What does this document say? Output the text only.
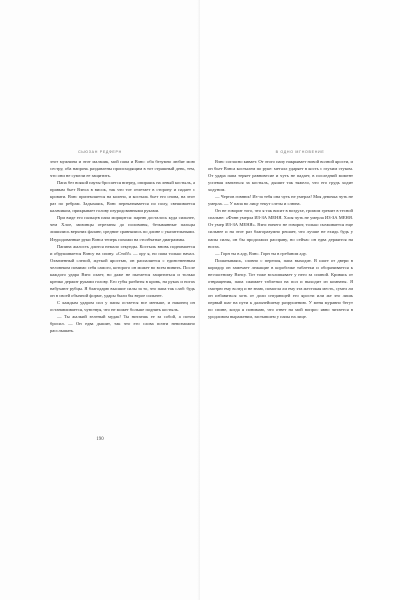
СЬЮЗАН РЕДФЕРН

этот мужчина и этот мальчик, мой папа и Вэнс: оба безумно любят мою сестру, оба напрочь раздавлены происходящим в тот страшный день, тем, что они не сумели ее защитить.

Папа без всякой паузы бросается вперед, опираясь на левый костыль, а правым бьет Вэнса в висок, так что тот отлетает в сторону и падает с кровати. Вэнс приземляется на колено, и костыль бьет его снова, на этот раз по ребрам. Задыхаясь, Вэнс перекатывается по полу, свешивается калачиком, прикрывает голову изуродованными руками.

При виде его пальцев папа морщится: парню досталось куда сильнее, чем Хлое, мизинцы отрезаны до половины, безымянные пальцы лишились верхних фаланг, средние сравнялись по длине с указательными. Изуродованные руки Вэнса теперь похожи на столбчатые диаграммы.

Папина жалость длится немало секунды. Костыль вновь поднимается и обрушивается Вэнсу на спину. «Стой!» — ору я, но папа только начал. Охваченный слепой, жуткой яростью, он распаляется с единственным человеком помимо себя самого, которого он может во всем винить. После каждого удара Вэнс охает, но даже не пытается защититься и только крепко держит руками голову. Его губы разбиты в кровь, на руках и ногах набухают рубцы. Я благодарю высшие силы за то, что папа так слаб: будь он в своей обычной форме, удары были бы втрое сильнее.

С каждым ударом сил у папы остается все меньше, и наконец он останавливается, чувствуя, что не может больше поднять костыль.

— Ты жалкий зеленый мудак! Ты нитаешь ее за собой, а потом бросил. — Он едва дышит, так что его слова почти невозможно расслышать.

190
В ОДНО МГНОВЕНИЕ

Вэнс согласно кивает. От этого папу накрывает новой волной ярости, и он бьет Вэнса костылем по руке: металл ударяет в кость с глухим стуком. От удара папа теряет равновесие и чуть не падает, в последний момент успевая хвататься за костыль, дышит так тяжело, что его грудь ходит ходуном.

— Чертов говнюк! Из-за тебя она чуть не умерла! Моя девочка чуть не умерла. — У папа во лицу текут слезы и слюна.

Он не говорит того, что я так висит в воздухе, громом гремит в тесной спальне: «Фэнн умерла ИЗ-ЗА МЕНЯ. Хлоя чуть не умерла ИЗ-ЗА МЕНЯ. От умер ИЗ-ЗА МЕНЯ». Вэнс ничего не говорит, только съеживается еще сильнее и на этот раз благоразумно решает, что лучше не ехидь будь у папы силы, он бы продолжил расправу, но сейчас он едва держится на ногах.

— Горн ты в аду, Вэнс. Горн ты в гребаном аду.

Пошатываясь, словно с перепоя, папа выходит. В шаге от двери в коридор он замечает лежащие в коробочке таблетки и оборачивается к несчастному Вэнсу. Тот тоже всхлипывает у него за спиной. Кривясь от отвращения, папа сжимает таблетки на пол и выходит из комнаты. Я смотрю ему вслед и не знаю, помогла ли ему эта жестокая месть, сумел ли он избавиться хоть от доли снедающей его ярости или же это лишь первый шаг на пути к дальнейшему разрушению. У меня муравно бегут по спине, когда я понимаю, что ответ на мой вопрос явно читается в уродливом выражении, застывшем у папы на лице.
